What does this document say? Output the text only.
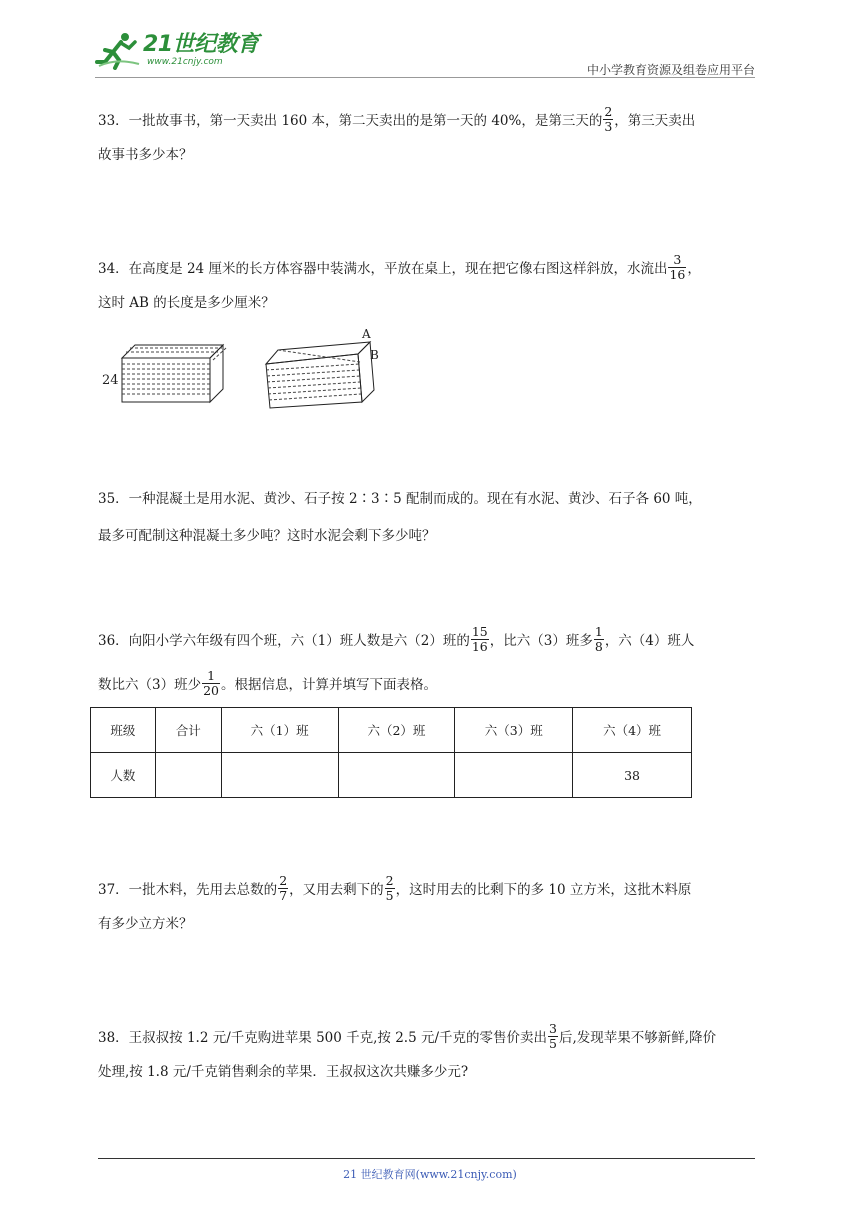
21世纪教育
www.21cnjy.com
中小学教育资源及组卷应用平台
33．一批故事书，第一天卖出 160 本，第二天卖出的是第一天的 40%，是第三天的 $\frac{2}{3}$ ，第三天卖出
故事书多少本？
34．在高度是 24 厘米的长方体容器中装满水，平放在桌上，现在把它像右图这样斜放，水流出 $\frac{3}{16}$ ，
这时 AB 的长度是多少厘米？
24
A
B
35．一种混凝土是用水泥、黄沙、石子按 2∶3∶5 配制而成的。现在有水泥、黄沙、石子各 60 吨，
最多可配制这种混凝土多少吨？这时水泥会剩下多少吨？
36．向阳小学六年级有四个班，六（1）班人数是六（2）班的 $\frac{15}{16}$ ，比六（3）班多 $\frac{1}{8}$ ，六（4）班人
数比六（3）班少 $\frac{1}{20}$ 。根据信息，计算并填写下面表格。
班级	合计	六（1）班	六（2）班	六（3）班	六（4）班
人数					38
37．一批木料，先用去总数的 $\frac{2}{7}$ ，又用去剩下的 $\frac{2}{5}$ ，这时用去的比剩下的多 10 立方米，这批木料原
有多少立方米？
38．王叔叔按 1.2 元/千克购进苹果 500 千克,按 2.5 元/千克的零售价卖出 $\frac{3}{5}$ 后,发现苹果不够新鲜,降价
处理,按 1.8 元/千克销售剩余的苹果．王叔叔这次共赚多少元?
21 世纪教育网(www.21cnjy.com)
